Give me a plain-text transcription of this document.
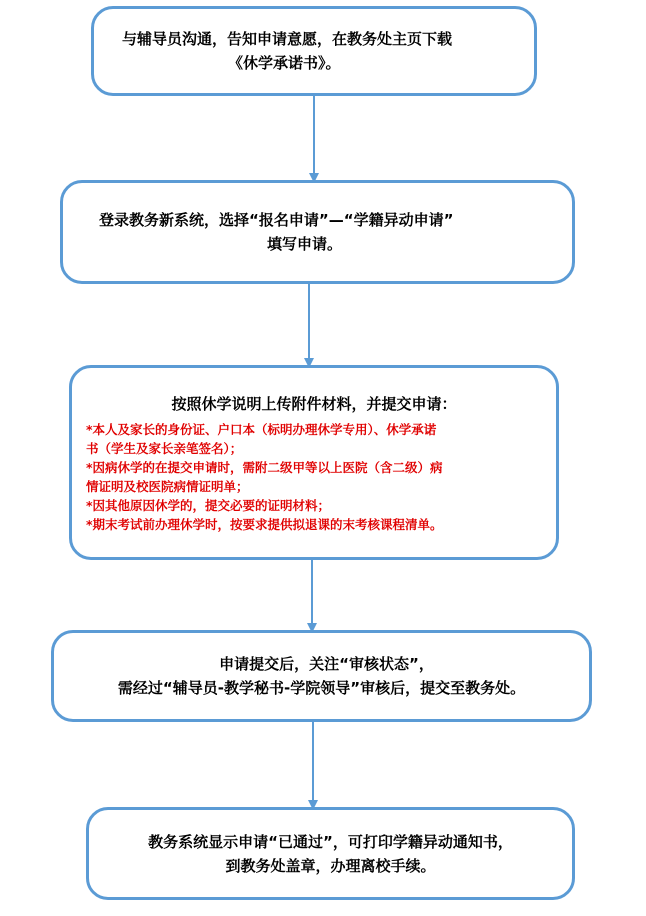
与辅导员沟通，告知申请意愿，在教务处主页下载
《休学承诺书》。
登录教务新系统，选择“报名申请”—“学籍异动申请”
填写申请。
按照休学说明上传附件材料，并提交申请：
*本人及家长的身份证、户口本（标明办理休学专用）、休学承诺
书（学生及家长亲笔签名）；
*因病休学的在提交申请时，需附二级甲等以上医院（含二级）病
情证明及校医院病情证明单；
*因其他原因休学的，提交必要的证明材料；
*期末考试前办理休学时，按要求提供拟退课的末考核课程清单。
申请提交后，关注“审核状态”，
需经过“辅导员-教学秘书-学院领导”审核后，提交至教务处。
教务系统显示申请“已通过”，可打印学籍异动通知书，
到教务处盖章，办理离校手续。
